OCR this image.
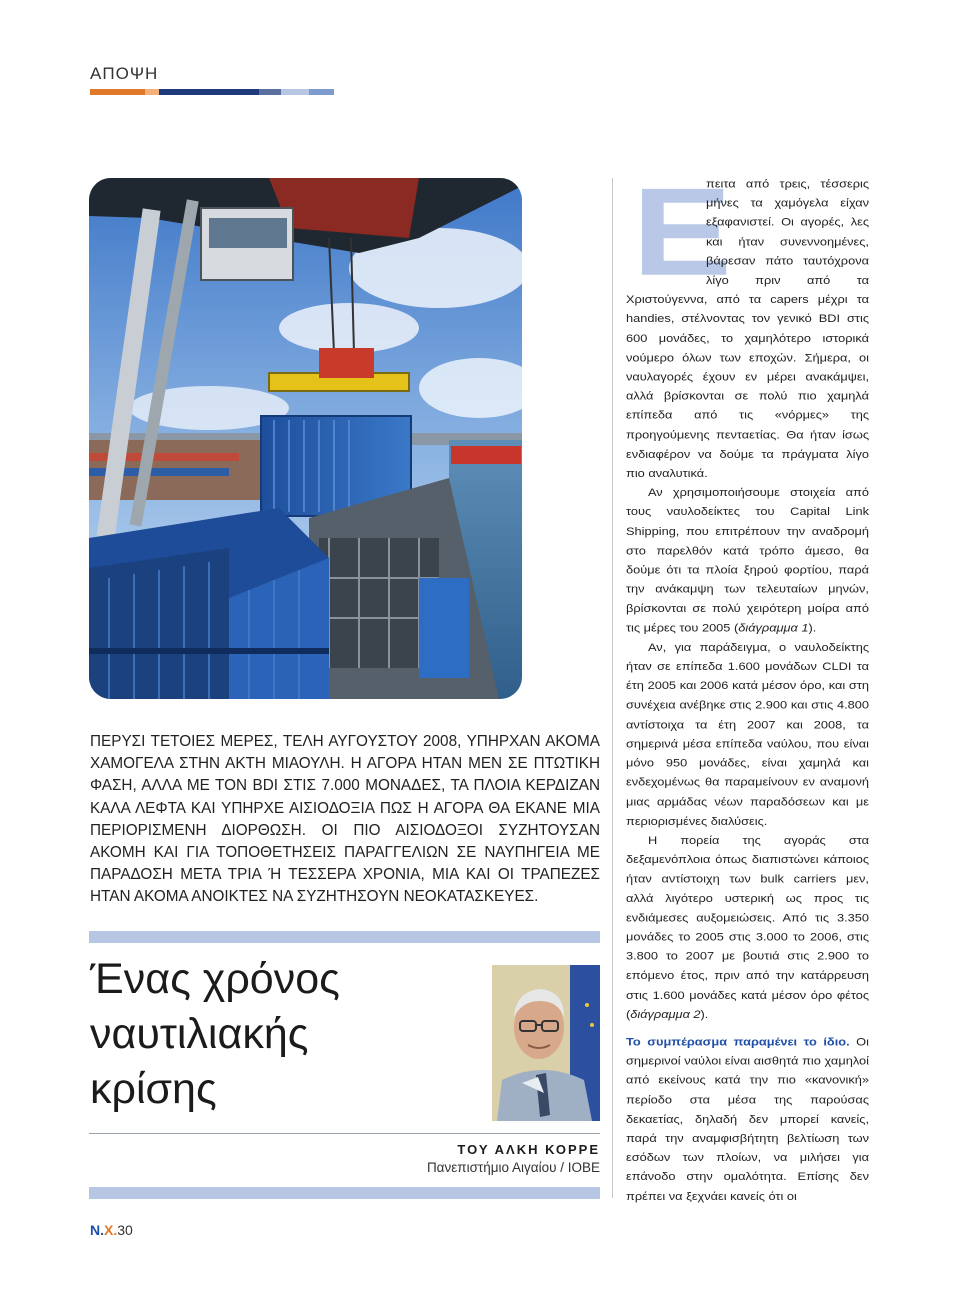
ΑΠΟΨΗ

ΠΕΡΥΣΙ ΤΕΤΟΙΕΣ ΜΕΡΕΣ, ΤΕΛΗ ΑΥΓΟΥΣΤΟΥ 2008, ΥΠΗΡΧΑΝ ΑΚΟΜΑ ΧΑΜΟΓΕΛΑ ΣΤΗΝ ΑΚΤΗ ΜΙΑΟΥΛΗ. Η ΑΓΟΡΑ ΗΤΑΝ ΜΕΝ ΣΕ ΠΤΩΤΙΚΗ ΦΑΣΗ, ΑΛΛΑ ΜΕ ΤΟΝ BDI ΣΤΙΣ 7.000 ΜΟΝΑΔΕΣ, ΤΑ ΠΛΟΙΑ ΚΕΡΔΙΖΑΝ ΚΑΛΑ ΛΕΦΤΑ ΚΑΙ ΥΠΗΡΧΕ ΑΙΣΙΟΔΟΞΙΑ ΠΩΣ Η ΑΓΟΡΑ ΘΑ ΕΚΑΝΕ ΜΙΑ ΠΕΡΙΟΡΙΣΜΕΝΗ ΔΙΟΡΘΩΣΗ. ΟΙ ΠΙΟ ΑΙΣΙΟΔΟΞΟΙ ΣΥΖΗΤΟΥΣΑΝ ΑΚΟΜΗ ΚΑΙ ΓΙΑ ΤΟΠΟΘΕΤΗΣΕΙΣ ΠΑΡΑΓΓΕΛΙΩΝ ΣΕ ΝΑΥΠΗΓΕΙΑ ΜΕ ΠΑΡΑΔΟΣΗ ΜΕΤΑ ΤΡΙΑ Ή ΤΕΣΣΕΡΑ ΧΡΟΝΙΑ, ΜΙΑ ΚΑΙ ΟΙ ΤΡΑΠΕΖΕΣ ΗΤΑΝ ΑΚΟΜΑ ΑΝΟΙΚΤΕΣ ΝΑ ΣΥΖΗΤΗΣΟΥΝ ΝΕΟΚΑΤΑΣΚΕΥΕΣ.

Ένας χρόνος
ναυτιλιακής
κρίσης
ΤΟΥ ΑΛΚΗ ΚΟΡΡΕ
Πανεπιστήμιο Αιγαίου / ΙΟΒΕ

Ε
πειτα από τρεις, τέσσερις μήνες τα χαμόγελα είχαν εξαφανιστεί. Οι αγορές, λες και ήταν συνεννοημένες, βάρεσαν πάτο ταυτόχρονα λίγο πριν από τα Χριστούγεννα, από τα capers μέχρι τα handies, στέλνοντας τον γενικό BDI στις 600 μονάδες, το χαμηλότερο ιστορικά νούμερο όλων των εποχών. Σήμερα, οι ναυλαγορές έχουν εν μέρει ανακάμψει, αλλά βρίσκονται σε πολύ πιο χαμηλά επίπεδα από τις «νόρμες» της προηγούμενης πενταετίας. Θα ήταν ίσως ενδιαφέρον να δούμε τα πράγματα λίγο πιο αναλυτικά.

Αν χρησιμοποιήσουμε στοιχεία από τους ναυλοδείκτες του Capital Link Shipping, που επιτρέπουν την αναδρομή στο παρελθόν κατά τρόπο άμεσο, θα δούμε ότι τα πλοία ξηρού φορτίου, παρά την ανάκαμψη των τελευταίων μηνών, βρίσκονται σε πολύ χειρότερη μοίρα από τις μέρες του 2005 (διάγραμμα 1).

Αν, για παράδειγμα, ο ναυλοδείκτης ήταν σε επίπεδα 1.600 μονάδων CLDI τα έτη 2005 και 2006 κατά μέσον όρο, και στη συνέχεια ανέβηκε στις 2.900 και στις 4.800 αντίστοιχα τα έτη 2007 και 2008, τα σημερινά μέσα επίπεδα ναύλου, που είναι μόνο 950 μονάδες, είναι χαμηλά και ενδεχομένως θα παραμείνουν εν αναμονή μιας αρμάδας νέων παραδόσεων και με περιορισμένες διαλύσεις.

Η πορεία της αγοράς στα δεξαμενόπλοια όπως διαπιστώνει κάποιος ήταν αντίστοιχη των bulk carriers μεν, αλλά λιγότερο υστερική ως προς τις ενδιάμεσες αυξομειώσεις. Από τις 3.350 μονάδες το 2005 στις 3.000 το 2006, στις 3.800 το 2007 με βουτιά στις 2.900 το επόμενο έτος, πριν από την κατάρρευση στις 1.600 μονάδες κατά μέσον όρο φέτος (διάγραμμα 2).

Το συμπέρασμα παραμένει το ίδιο. Οι σημερινοί ναύλοι είναι αισθητά πιο χαμηλοί από εκείνους κατά την πιο «κανονική» περίοδο στα μέσα της παρούσας δεκαετίας, δηλαδή δεν μπορεί κανείς, παρά την αναμφισβήτητη βελτίωση των εσόδων των πλοίων, να μιλήσει για επάνοδο στην ομαλότητα. Επίσης δεν πρέπει να ξεχνάει κανείς ότι οι

Ν.Χ.30
